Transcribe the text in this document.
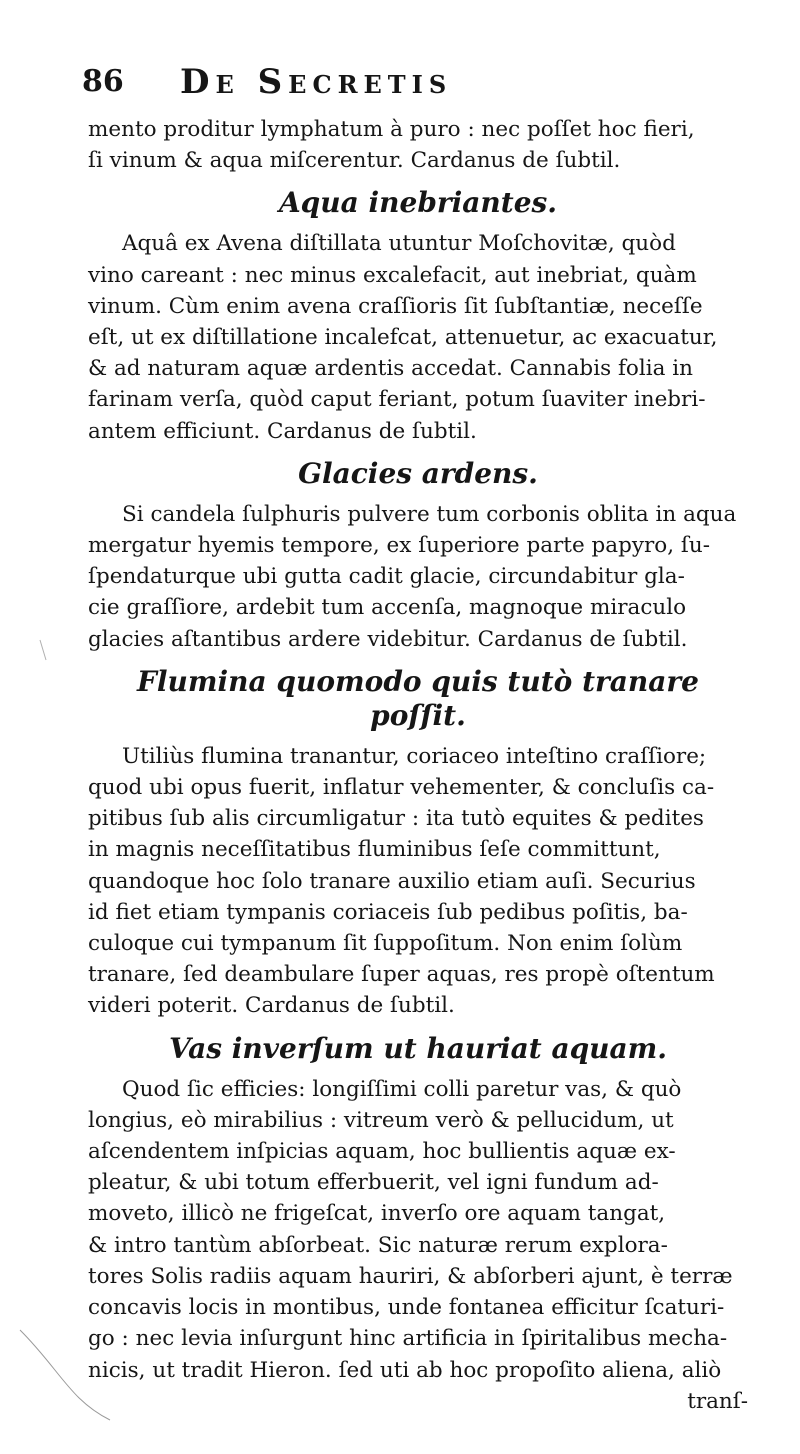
86 De Secretis

mento proditur lymphatum à puro : nec poſſet hoc fieri,

ſi vinum & aqua miſcerentur. Cardanus de ſubtil.

Aqua inebriantes.

Aquâ ex Avena diſtillata utuntur Moſchovitæ, quòd

vino careant : nec minus excalefacit, aut inebriat, quàm

vinum. Cùm enim avena craſſioris ſit ſubſtantiæ, neceſſe

eſt, ut ex diſtillatione incalefcat, attenuetur, ac exacuatur,

& ad naturam aquæ ardentis accedat. Cannabis folia in

farinam verſa, quòd caput feriant, potum ſuaviter inebri-

antem efficiunt. Cardanus de ſubtil.

Glacies ardens.

Si candela ſulphuris pulvere tum corbonis oblita in aqua

mergatur hyemis tempore, ex ſuperiore parte papyro, ſu-

ſpendaturque ubi gutta cadit glacie, circundabitur gla-

cie graſſiore, ardebit tum accenſa, magnoque miraculo

glacies aſtantibus ardere videbitur. Cardanus de ſubtil.

Flumina quomodo quis tutò tranare poſſit.

Utiliùs flumina tranantur, coriaceo inteſtino craſſiore;

quod ubi opus fuerit, inflatur vehementer, & concluſis ca-

pitibus ſub alis circumligatur : ita tutò equites & pedites

in magnis neceſſitatibus fluminibus ſeſe committunt,

quandoque hoc ſolo tranare auxilio etiam auſi. Securius

id fiet etiam tympanis coriaceis ſub pedibus poſitis, ba-

culoque cui tympanum ſit ſuppoſitum. Non enim ſolùm

tranare, ſed deambulare ſuper aquas, res propè oſtentum

videri poterit. Cardanus de ſubtil.

Vas inverſum ut hauriat aquam.

Quod ſic efficies: longiſſimi colli paretur vas, & quò

longius, eò mirabilius : vitreum verò & pellucidum, ut

aſcendentem inſpicias aquam, hoc bullientis aquæ ex-

pleatur, & ubi totum efferbuerit, vel igni fundum ad-

moveto, illicò ne frigeſcat, inverſo ore aquam tangat,

& intro tantùm abſorbeat. Sic naturæ rerum explora-

tores Solis radiis aquam hauriri, & abſorberi ajunt, è terræ

concavis locis in montibus, unde fontanea efficitur ſcaturi-

go : nec levia inſurgunt hinc artificia in ſpiritalibus mecha-

nicis, ut tradit Hieron. ſed uti ab hoc propoſito aliena, aliò

tranſ-
